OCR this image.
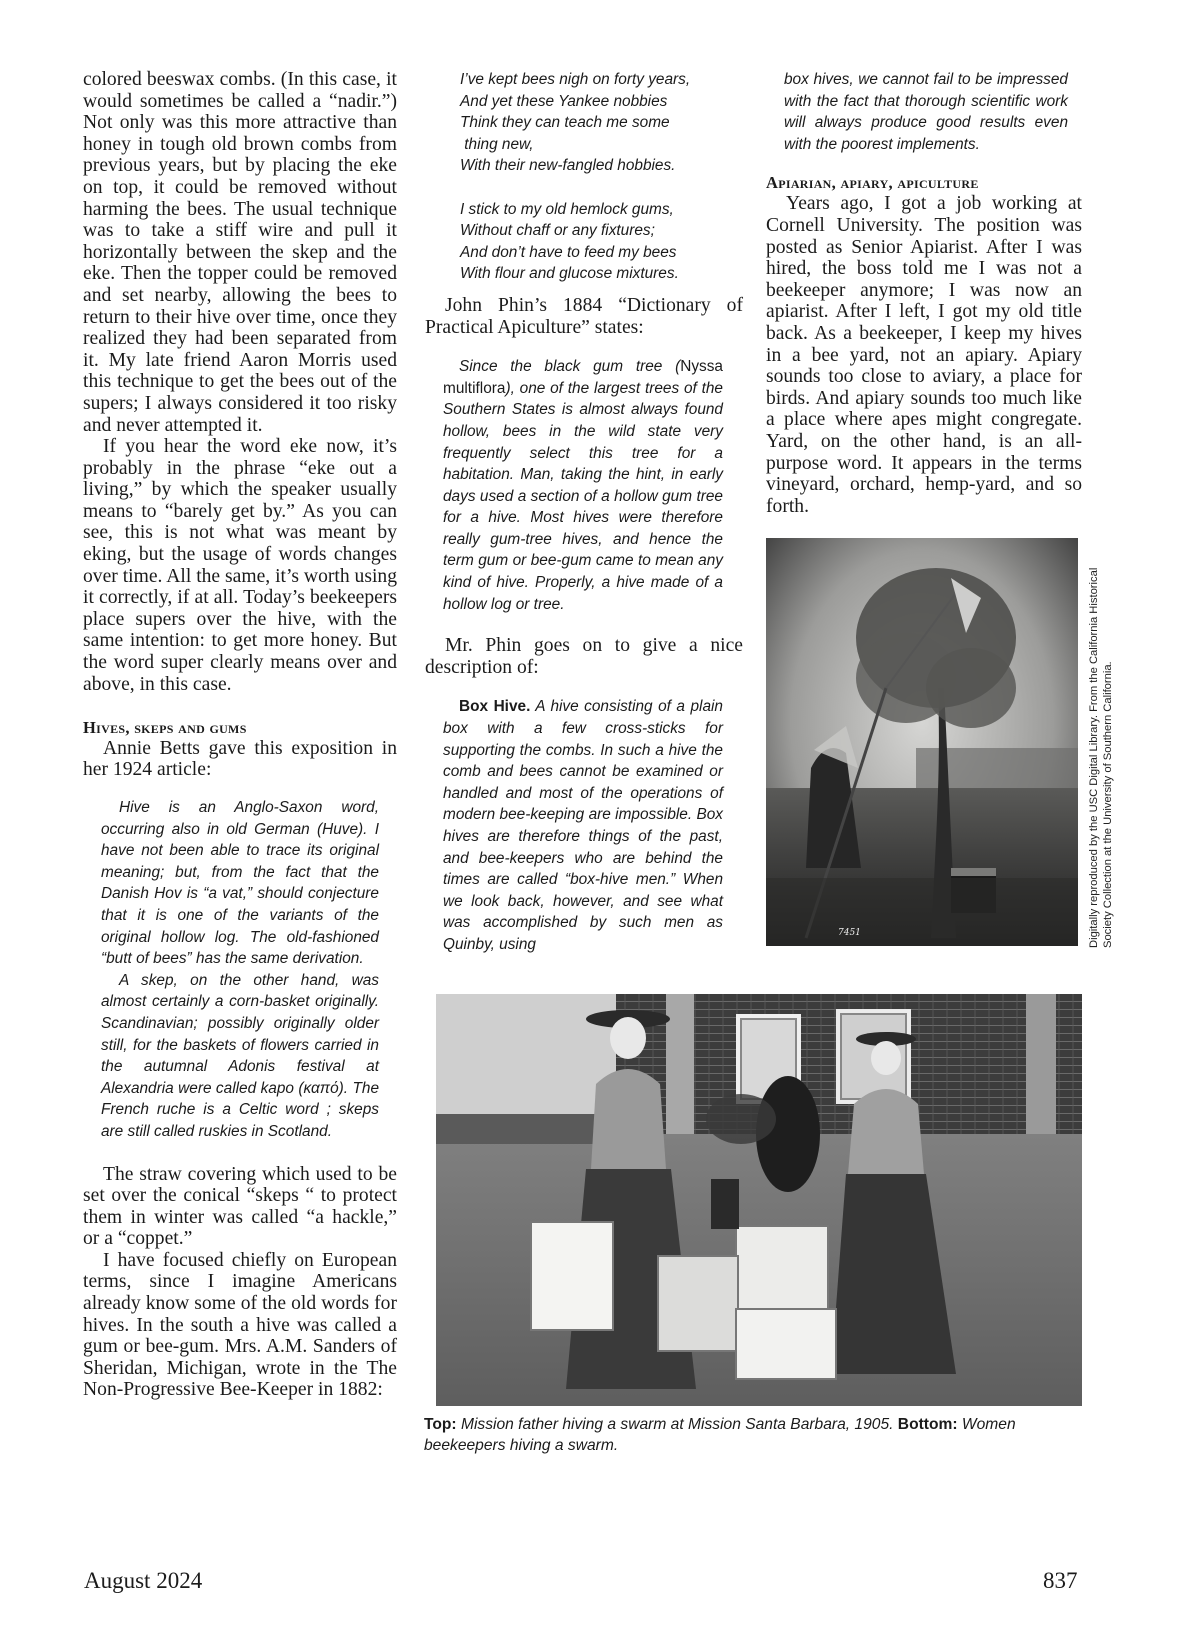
colored beeswax combs. (In this case, it would sometimes be called a “nadir.”) Not only was this more attractive than honey in tough old brown combs from previous years, but by placing the eke on top, it could be removed without harming the bees. The usual technique was to take a stiff wire and pull it horizontally between the skep and the eke. Then the topper could be removed and set nearby, allowing the bees to return to their hive over time, once they realized they had been separated from it. My late friend Aaron Morris used this technique to get the bees out of the supers; I always considered it too risky and never attempted it.

If you hear the word eke now, it’s probably in the phrase “eke out a living,” by which the speaker usually means to “barely get by.” As you can see, this is not what was meant by eking, but the usage of words changes over time. All the same, it’s worth using it correctly, if at all. Today’s beekeepers place supers over the hive, with the same intention: to get more honey. But the word super clearly means over and above, in this case.

Hives, skeps and gums

Annie Betts gave this exposition in her 1924 article:

Hive is an Anglo-Saxon word, occurring also in old German (Huve). I have not been able to trace its original meaning; but, from the fact that the Danish Hov is “a vat,” should conjecture that it is one of the variants of the original hollow log. The old-fashioned “butt of bees” has the same derivation.

A skep, on the other hand, was almost certainly a corn-basket originally. Scandinavian; possibly originally older still, for the baskets of flowers carried in the autumnal Adonis festival at Alexandria were called kapo (καπό). The French ruche is a Celtic word ; skeps are still called ruskies in Scotland.

The straw covering which used to be set over the conical “skeps “ to protect them in winter was called “a hackle,” or a “coppet.”

I have focused chiefly on European terms, since I imagine Americans already know some of the old words for hives. In the south a hive was called a gum or bee-gum. Mrs. A.M. Sanders of Sheridan, Michigan, wrote in the The Non-Progressive Bee-Keeper in 1882:

I’ve kept bees nigh on forty years,

And yet these Yankee nobbies

Think they can teach me some

thing new,

With their new-fangled hobbies.

I stick to my old hemlock gums,

Without chaff or any fixtures;

And don’t have to feed my bees

With flour and glucose mixtures.

John Phin’s 1884 “Dictionary of Practical Apiculture” states:

Since the black gum tree (Nyssa multiflora), one of the largest trees of the Southern States is almost always found hollow, bees in the wild state very frequently select this tree for a habitation. Man, taking the hint, in early days used a section of a hollow gum tree for a hive. Most hives were therefore really gum-tree hives, and hence the term gum or bee-gum came to mean any kind of hive. Properly, a hive made of a hollow log or tree.

Mr. Phin goes on to give a nice description of:

Box Hive. A hive consisting of a plain box with a few cross-sticks for supporting the combs. In such a hive the comb and bees cannot be examined or handled and most of the operations of modern bee-keeping are impossible. Box hives are therefore things of the past, and bee-keepers who are behind the times are called “box-hive men.” When we look back, however, and see what was accomplished by such men as Quinby, using

box hives, we cannot fail to be impressed with the fact that thorough scientific work will always produce good results even with the poorest implements.

Apiarian, apiary, apiculture

Years ago, I got a job working at Cornell University. The position was posted as Senior Apiarist. After I was hired, the boss told me I was not a beekeeper anymore; I was now an apiarist. After I left, I got my old title back. As a beekeeper, I keep my hives in a bee yard, not an apiary. Apiary sounds too close to aviary, a place for birds. And apiary sounds too much like a place where apes might congregate. Yard, on the other hand, is an all-purpose word. It appears in the terms vineyard, orchard, hemp-yard, and so forth.

7451	Digitally reproduced by the USC Digital Library. From the California Historical Society Collection at the University of Southern California.
Top: Mission father hiving a swarm at Mission Santa Barbara, 1905. Bottom: Women beekeepers hiving a swarm.
August 2024	837
